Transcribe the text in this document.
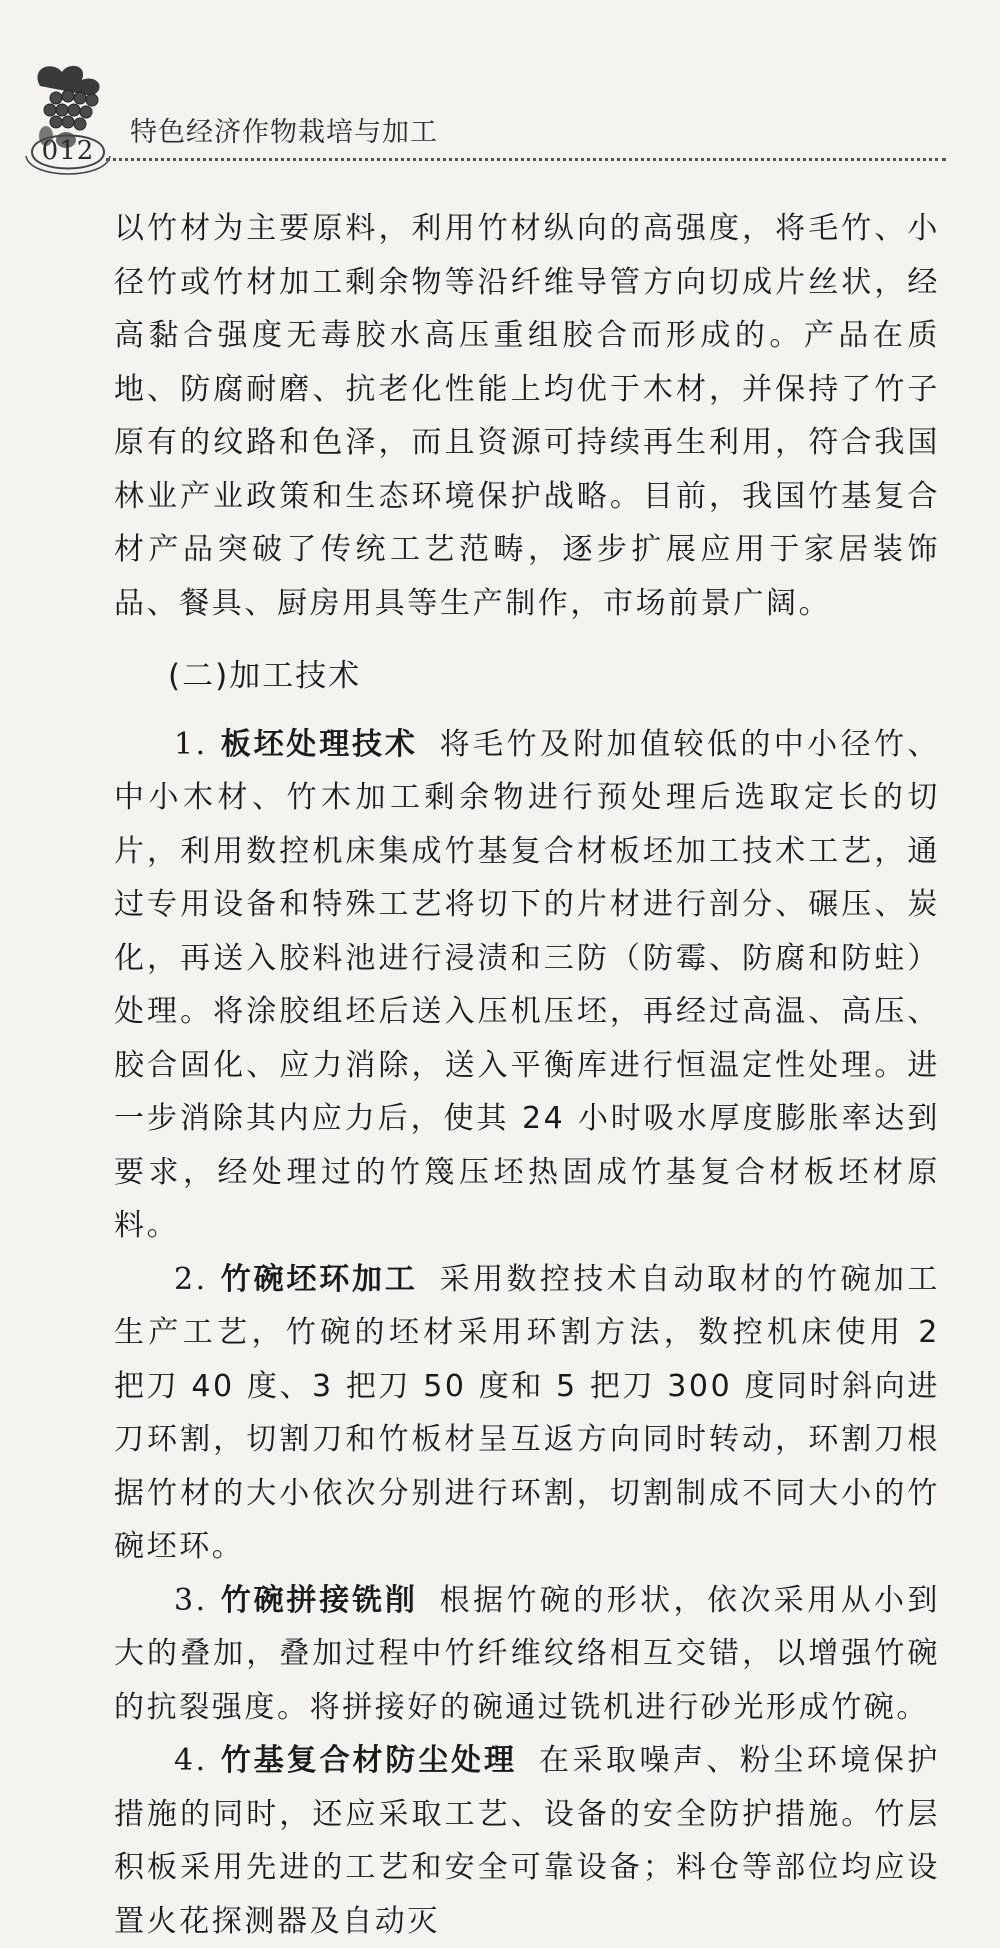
012
特色经济作物栽培与加工

以竹材为主要原料，利用竹材纵向的高强度，将毛竹、小径竹或竹材加工剩余物等沿纤维导管方向切成片丝状，经高黏合强度无毒胶水高压重组胶合而形成的。产品在质地、防腐耐磨、抗老化性能上均优于木材，并保持了竹子原有的纹路和色泽，而且资源可持续再生利用，符合我国林业产业政策和生态环境保护战略。目前，我国竹基复合材产品突破了传统工艺范畴，逐步扩展应用于家居装饰品、餐具、厨房用具等生产制作，市场前景广阔。

(二)加工技术

1. 板坯处理技术 将毛竹及附加值较低的中小径竹、中小木材、竹木加工剩余物进行预处理后选取定长的切片，利用数控机床集成竹基复合材板坯加工技术工艺，通过专用设备和特殊工艺将切下的片材进行剖分、碾压、炭化，再送入胶料池进行浸渍和三防（防霉、防腐和防蛀）处理。将涂胶组坯后送入压机压坯，再经过高温、高压、胶合固化、应力消除，送入平衡库进行恒温定性处理。进一步消除其内应力后，使其 24 小时吸水厚度膨胀率达到要求，经处理过的竹篾压坯热固成竹基复合材板坯材原料。

2. 竹碗坯环加工 采用数控技术自动取材的竹碗加工生产工艺，竹碗的坯材采用环割方法，数控机床使用 2 把刀 40 度、3 把刀 50 度和 5 把刀 300 度同时斜向进刀环割，切割刀和竹板材呈互返方向同时转动，环割刀根据竹材的大小依次分别进行环割，切割制成不同大小的竹碗坯环。

3. 竹碗拼接铣削 根据竹碗的形状，依次采用从小到大的叠加，叠加过程中竹纤维纹络相互交错，以增强竹碗的抗裂强度。将拼接好的碗通过铣机进行砂光形成竹碗。

4. 竹基复合材防尘处理 在采取噪声、粉尘环境保护措施的同时，还应采取工艺、设备的安全防护措施。竹层积板采用先进的工艺和安全可靠设备；料仓等部位均应设置火花探测器及自动灭
